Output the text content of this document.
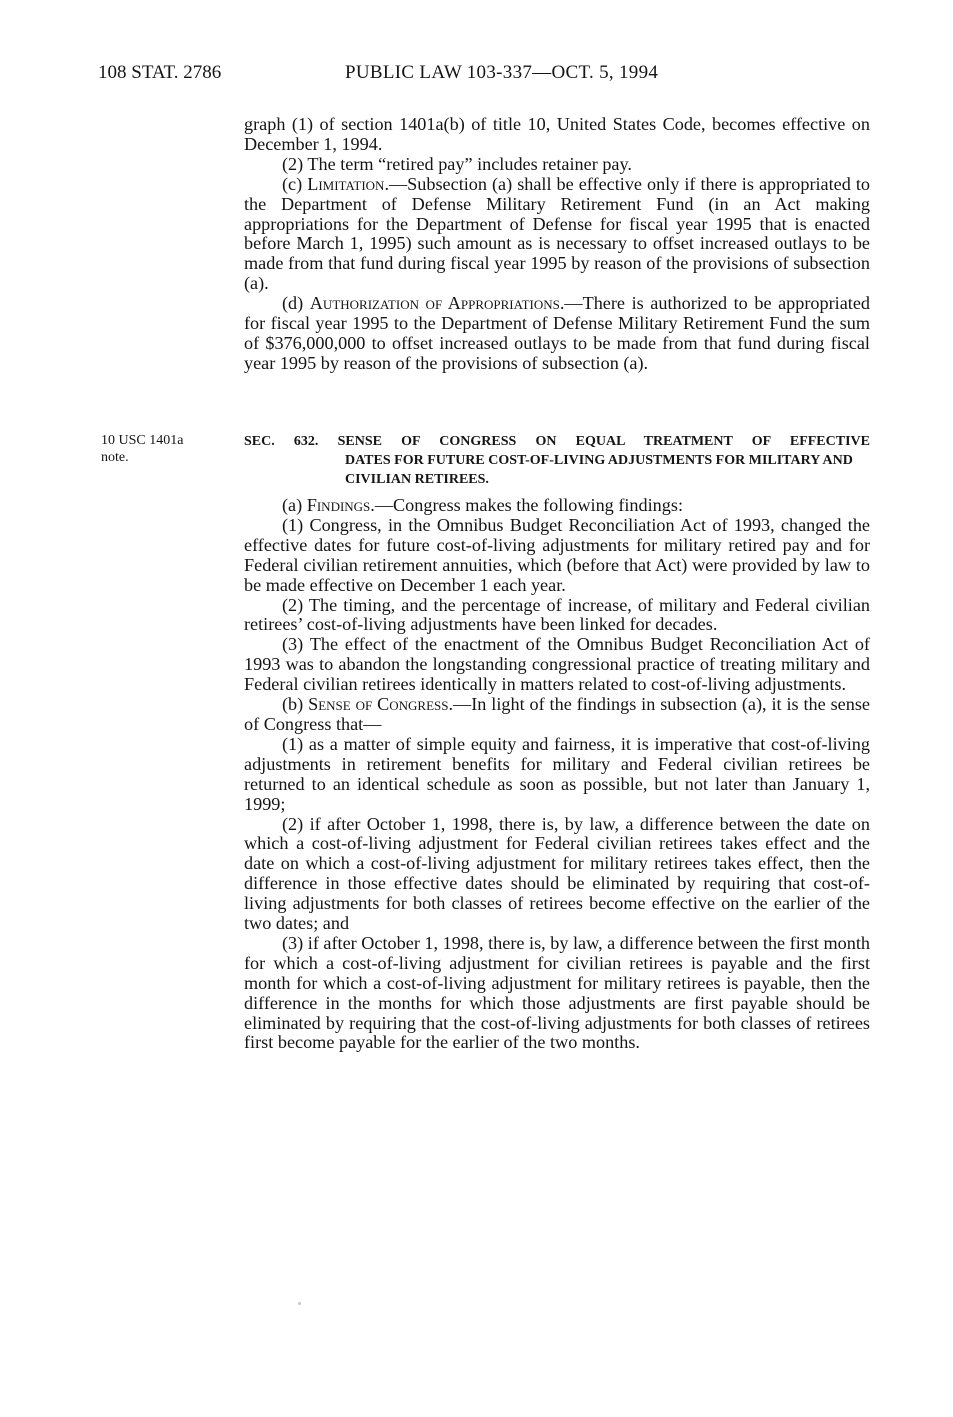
108 STAT. 2786	PUBLIC LAW 103-337—OCT. 5, 1994

graph (1) of section 1401a(b) of title 10, United States Code, becomes effective on December 1, 1994.

(2) The term “retired pay” includes retainer pay.

(c) Limitation.—Subsection (a) shall be effective only if there is appropriated to the Department of Defense Military Retirement Fund (in an Act making appropriations for the Department of Defense for fiscal year 1995 that is enacted before March 1, 1995) such amount as is necessary to offset increased outlays to be made from that fund during fiscal year 1995 by reason of the provisions of subsection (a).

(d) Authorization of Appropriations.—There is authorized to be appropriated for fiscal year 1995 to the Department of Defense Military Retirement Fund the sum of $376,000,000 to offset increased outlays to be made from that fund during fiscal year 1995 by reason of the provisions of subsection (a).

10 USC 1401a
note.
SEC. 632. SENSE OF CONGRESS ON EQUAL TREATMENT OF EFFECTIVE
DATES FOR FUTURE COST-OF-LIVING ADJUSTMENTS FOR MILITARY AND CIVILIAN RETIREES.

(a) Findings.—Congress makes the following findings:

(1) Congress, in the Omnibus Budget Reconciliation Act of 1993, changed the effective dates for future cost-of-living adjustments for military retired pay and for Federal civilian retirement annuities, which (before that Act) were provided by law to be made effective on December 1 each year.

(2) The timing, and the percentage of increase, of military and Federal civilian retirees’ cost-of-living adjustments have been linked for decades.

(3) The effect of the enactment of the Omnibus Budget Reconciliation Act of 1993 was to abandon the longstanding congressional practice of treating military and Federal civilian retirees identically in matters related to cost-of-living adjustments.

(b) Sense of Congress.—In light of the findings in subsection (a), it is the sense of Congress that—

(1) as a matter of simple equity and fairness, it is imperative that cost-of-living adjustments in retirement benefits for military and Federal civilian retirees be returned to an identical schedule as soon as possible, but not later than January 1, 1999;

(2) if after October 1, 1998, there is, by law, a difference between the date on which a cost-of-living adjustment for Federal civilian retirees takes effect and the date on which a cost-of-living adjustment for military retirees takes effect, then the difference in those effective dates should be eliminated by requiring that cost-of-living adjustments for both classes of retirees become effective on the earlier of the two dates; and

(3) if after October 1, 1998, there is, by law, a difference between the first month for which a cost-of-living adjustment for civilian retirees is payable and the first month for which a cost-of-living adjustment for military retirees is payable, then the difference in the months for which those adjustments are first payable should be eliminated by requiring that the cost-of-living adjustments for both classes of retirees first become payable for the earlier of the two months.
